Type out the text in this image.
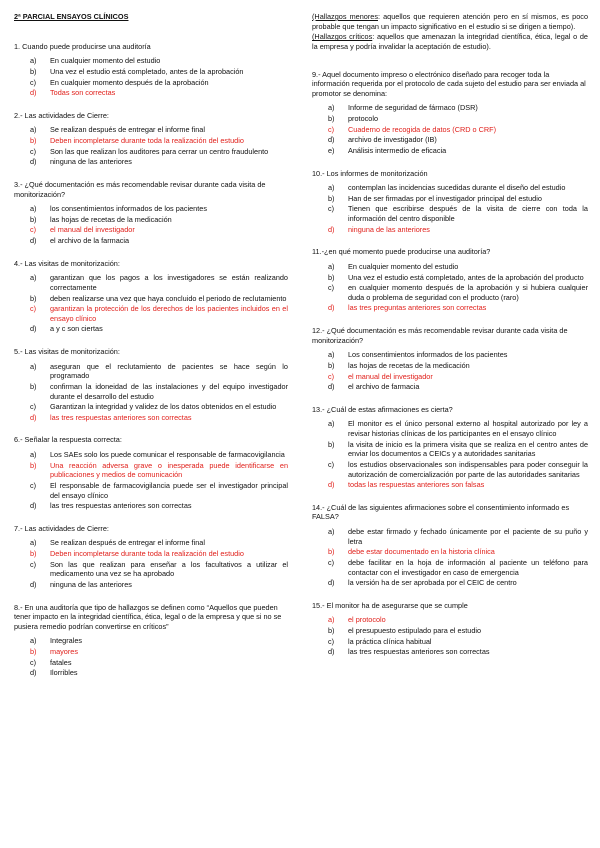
2ª PARCIAL ENSAYOS CLÍNICOS
1. Cuando puede producirse una auditoría
a) En cualquier momento del estudio
b) Una vez el estudio está completado, antes de la aprobación
c) En cualquier momento después de la aprobación
d) Todas son correctas
2.- Las actividades de Cierre:
a) Se realizan después de entregar el informe final
b) Deben incompletarse durante toda la realización del estudio
c) Son las que realizan los auditores para cerrar un centro fraudulento
d) ninguna de las anteriores
3.- ¿Qué documentación es más recomendable revisar durante cada visita de monitorización?
a) los consentimientos informados de los pacientes
b) las hojas de recetas de la medicación
c) el manual del investigador
d) el archivo de la farmacia
4.- Las visitas de monitorización:
a) garantizan que los pagos a los investigadores se están realizando correctamente
b) deben realizarse una vez que haya concluido el periodo de reclutamiento
c) garantizan la protección de los derechos de los pacientes incluidos en el ensayo clínico
d) a y c son ciertas
5.- Las visitas de monitorización:
a) aseguran que el reclutamiento de pacientes se hace según lo programado
b) confirman la idoneidad de las instalaciones y del equipo investigador durante el desarrollo del estudio
c) Garantizan la integridad y validez de los datos obtenidos en el estudio
d) las tres respuestas anteriores son correctas
6.- Señalar la respuesta correcta:
a) Los SAEs solo los puede comunicar el responsable de farmacovigilancia
b) Una reacción adversa grave o inesperada puede identificarse en publicaciones y medios de comunicación
c) El responsable de farmacovigilancia puede ser el investigador principal del ensayo clínico
d) las tres respuestas anteriores son correctas
7.- Las actividades de Cierre:
a) Se realizan después de entregar el informe final
b) Deben incompletarse durante toda la realización del estudio
c) Son las que realizan para enseñar a los facultativos a utilizar el medicamento una vez se ha aprobado
d) ninguna de las anteriores
8.- En una auditoría que tipo de hallazgos se definen como “Aquellos que pueden tener impacto en la integridad científica, ética, legal o de la empresa y que si no se pusiera remedio podrían convertirse en críticos”
a) Integrales
b) mayores
c) fatales
d) Ilorribles
(Hallazgos menores: aquellos que requieren atención pero en sí mismos, es poco probable que tengan un impacto significativo en el estudio si se dirigen a tiempo).
(Hallazgos críticos: aquellos que amenazan la integridad científica, ética, legal o de la empresa y podría invalidar la aceptación de estudio).
9.- Aquel documento impreso o electrónico diseñado para recoger toda la información requerida por el protocolo de cada sujeto del estudio para ser enviada al promotor se denomina:
a) Informe de seguridad de fármaco (DSR)
b) protocolo
c) Cuaderno de recogida de datos (CRD o CRF)
d) archivo de investigador (IB)
e) Análisis intermedio de eficacia
10.- Los informes de monitorización
a) contemplan las incidencias sucedidas durante el diseño del estudio
b) Han de ser firmadas por el investigador principal del estudio
c) Tienen que escribirse después de la visita de cierre con toda la información del centro disponible
d) ninguna de las anteriores
11.-¿en qué momento puede producirse una auditoría?
a) En cualquier momento del estudio
b) Una vez el estudio está completado, antes de la aprobación del producto
c) en cualquier momento después de la aprobación y si hubiera cualquier duda o problema de seguridad con el producto (raro)
d) las tres preguntas anteriores son correctas
12.- ¿Qué documentación es más recomendable revisar durante cada visita de monitorización?
a) Los consentimientos informados de los pacientes
b) las hojas de recetas de la medicación
c) el manual del investigador
d) el archivo de farmacia
13.- ¿Cuál de estas afirmaciones es cierta?
a) El monitor es el único personal externo al hospital autorizado por ley a revisar historias clínicas de los participantes en el ensayo clínico
b) la visita de inicio es la primera visita que se realiza en el centro antes de enviar los documentos a CEICs y a autoridades sanitarias
c) los estudios observacionales son indispensables para poder conseguir la autorización de comercialización por parte de las autoridades sanitarias
d) todas las respuestas anteriores son falsas
14.- ¿Cuál de las siguientes afirmaciones sobre el consentimiento informado es FALSA?
a) debe estar firmado y fechado únicamente por el paciente de su puño y letra
b) debe estar documentado en la historia clínica
c) debe facilitar en la hoja de información al paciente un teléfono para contactar con el investigador en caso de emergencia
d) la versión ha de ser aprobada por el CEIC de centro
15.- El monitor ha de asegurarse que se cumple
a) el protocolo
b) el presupuesto estipulado para el estudio
c) la práctica clínica habitual
d) las tres respuestas anteriores son correctas
